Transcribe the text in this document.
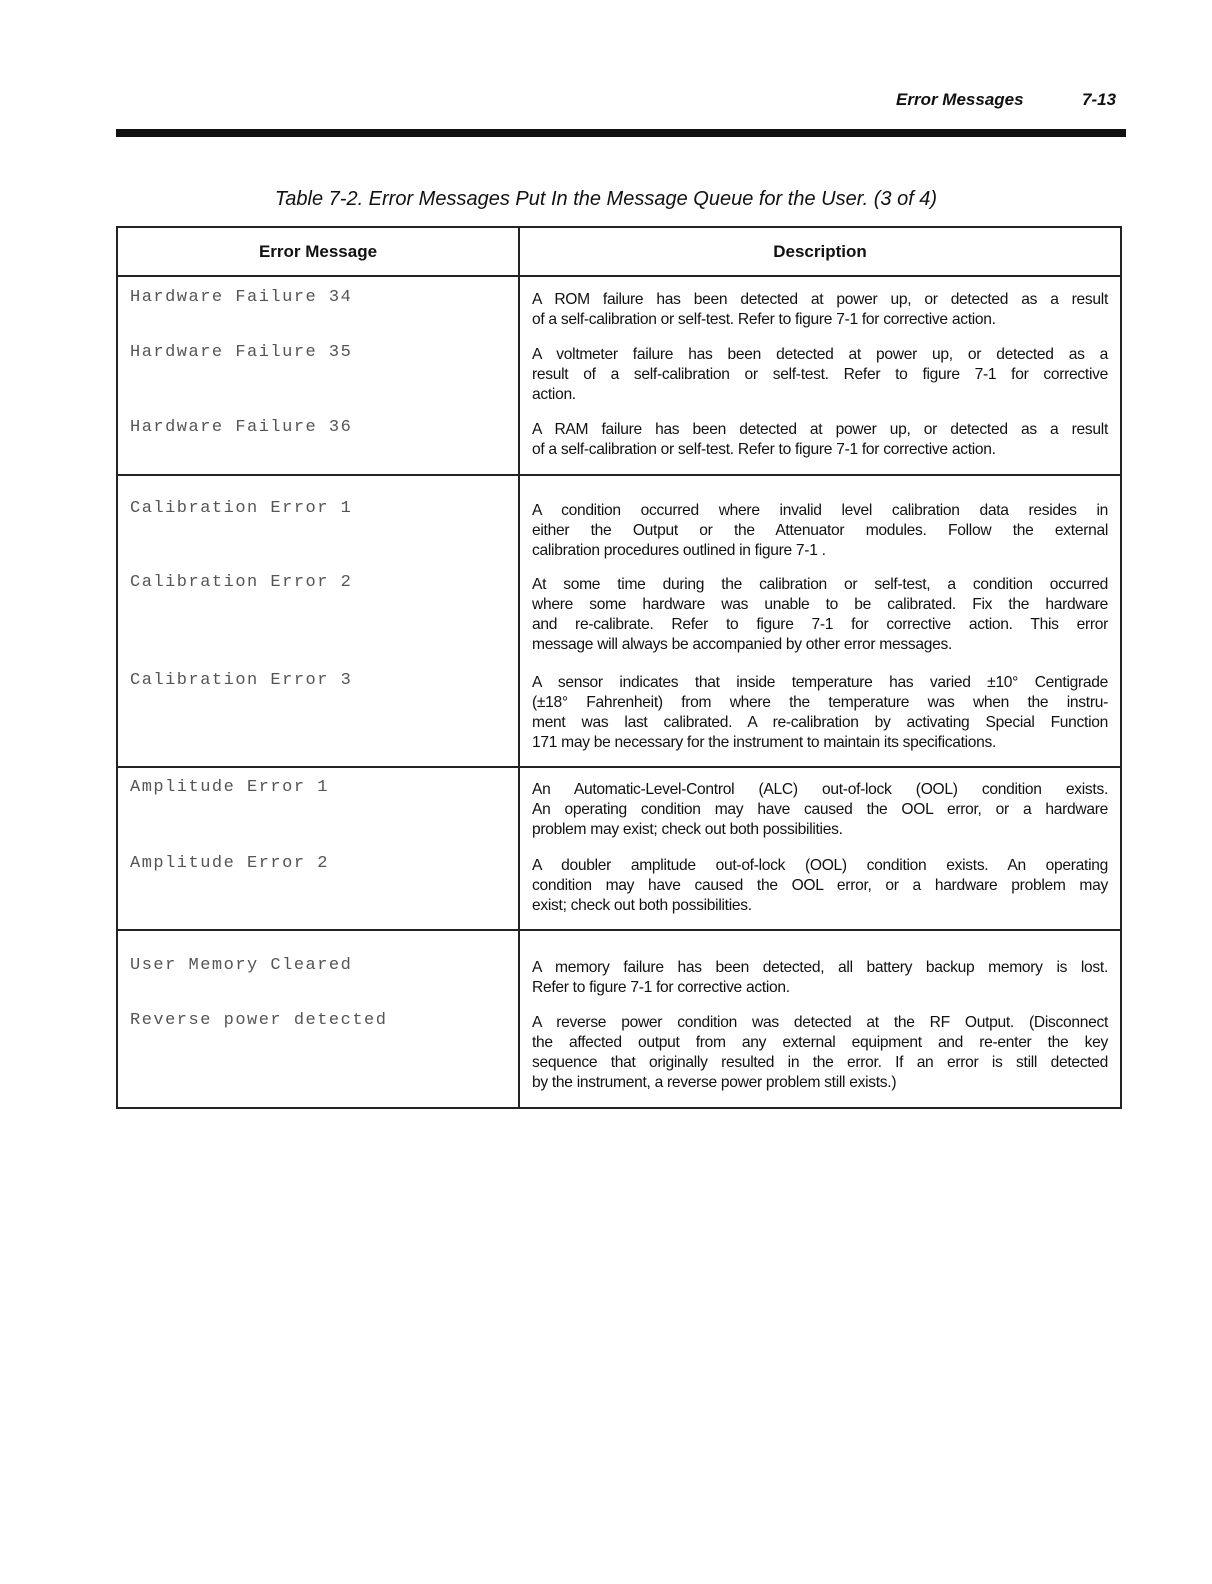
Error Messages	7-13
Table 7-2. Error Messages Put In the Message Queue for the User. (3 of 4)
Error Message	Description
Hardware Failure 34	A ROM failure has been detected at power up, or detected as a result
of a self-calibration or self-test. Refer to figure 7-1 for corrective action.
Hardware Failure 35	A voltmeter failure has been detected at power up, or detected as a
result of a self-calibration or self-test. Refer to figure 7-1 for corrective
action.
Hardware Failure 36	A RAM failure has been detected at power up, or detected as a result
of a self-calibration or self-test. Refer to figure 7-1 for corrective action.
Calibration Error 1	A condition occurred where invalid level calibration data resides in
either the Output or the Attenuator modules. Follow the external
calibration procedures outlined in figure 7-1 .
Calibration Error 2	At some time during the calibration or self-test, a condition occurred
where some hardware was unable to be calibrated. Fix the hardware
and re-calibrate. Refer to figure 7-1 for corrective action. This error
message will always be accompanied by other error messages.
Calibration Error 3	A sensor indicates that inside temperature has varied ±10° Centigrade
(±18° Fahrenheit) from where the temperature was when the instru-
ment was last calibrated. A re-calibration by activating Special Function
171 may be necessary for the instrument to maintain its specifications.
Amplitude Error 1	An Automatic-Level-Control (ALC) out-of-lock (OOL) condition exists.
An operating condition may have caused the OOL error, or a hardware
problem may exist; check out both possibilities.
Amplitude Error 2	A doubler amplitude out-of-lock (OOL) condition exists. An operating
condition may have caused the OOL error, or a hardware problem may
exist; check out both possibilities.
User Memory Cleared	A memory failure has been detected, all battery backup memory is lost.
Refer to figure 7-1 for corrective action.
Reverse power detected	A reverse power condition was detected at the RF Output. (Disconnect
the affected output from any external equipment and re-enter the key
sequence that originally resulted in the error. If an error is still detected
by the instrument, a reverse power problem still exists.)
